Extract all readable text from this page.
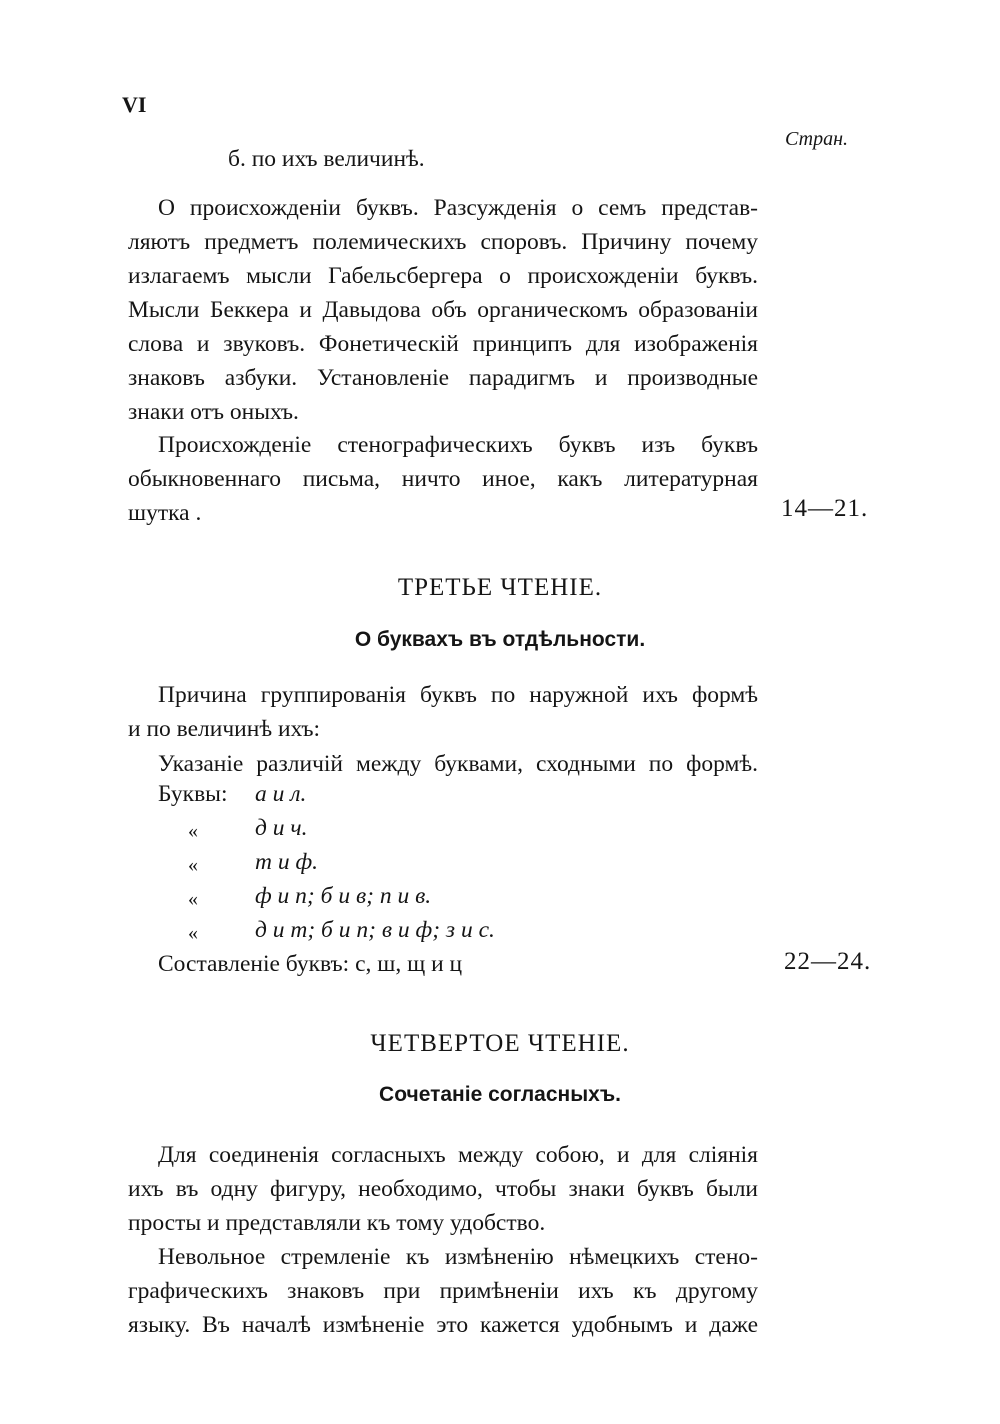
VI
Стран.
б. по ихъ величинѣ.
О происхожденiи буквъ. Разсужденiя о семъ представ-
ляютъ предметъ полемическихъ споровъ. Причину почему
излагаемъ мысли Габельсбергера о происхожденiи буквъ.
Мысли Беккера и Давыдова объ органическомъ образованiи
слова и звуковъ. Фонетическiй принципъ для изображенiя
знаковъ азбуки. Установленiе парадигмъ и производные
знаки отъ оныхъ.
Происхожденiе стенографическихъ буквъ изъ буквъ
обыкновеннаго письма, ничто иное, какъ литературная
шутка .	14—21.
ТРЕТЬЕ ЧТЕНIЕ.
О буквахъ въ отдѣльности.
Причина группированiя буквъ по наружной ихъ формѣ
и по величинѣ ихъ:
Указанiе различiй между буквами, сходными по формѣ.
Буквы: а и л.
« д и ч.
« т и ф.
« ф и п; б и в; п и в.
« д и т; б и п; в и ф; з и с.
Составленiе буквъ: с, ш, щ и ц	22—24.
ЧЕТВЕРТОЕ ЧТЕНIЕ.
Сочетанiе согласныхъ.
Для соединенiя согласныхъ между собою, и для слiянiя
ихъ въ одну фигуру, необходимо, чтобы знаки буквъ были
просты и представляли къ тому удобство.
Невольное стремленiе къ измѣненiю нѣмецкихъ стено-
графическихъ знаковъ при примѣненiи ихъ къ другому
языку. Въ началѣ измѣненiе это кажется удобнымъ и даже
